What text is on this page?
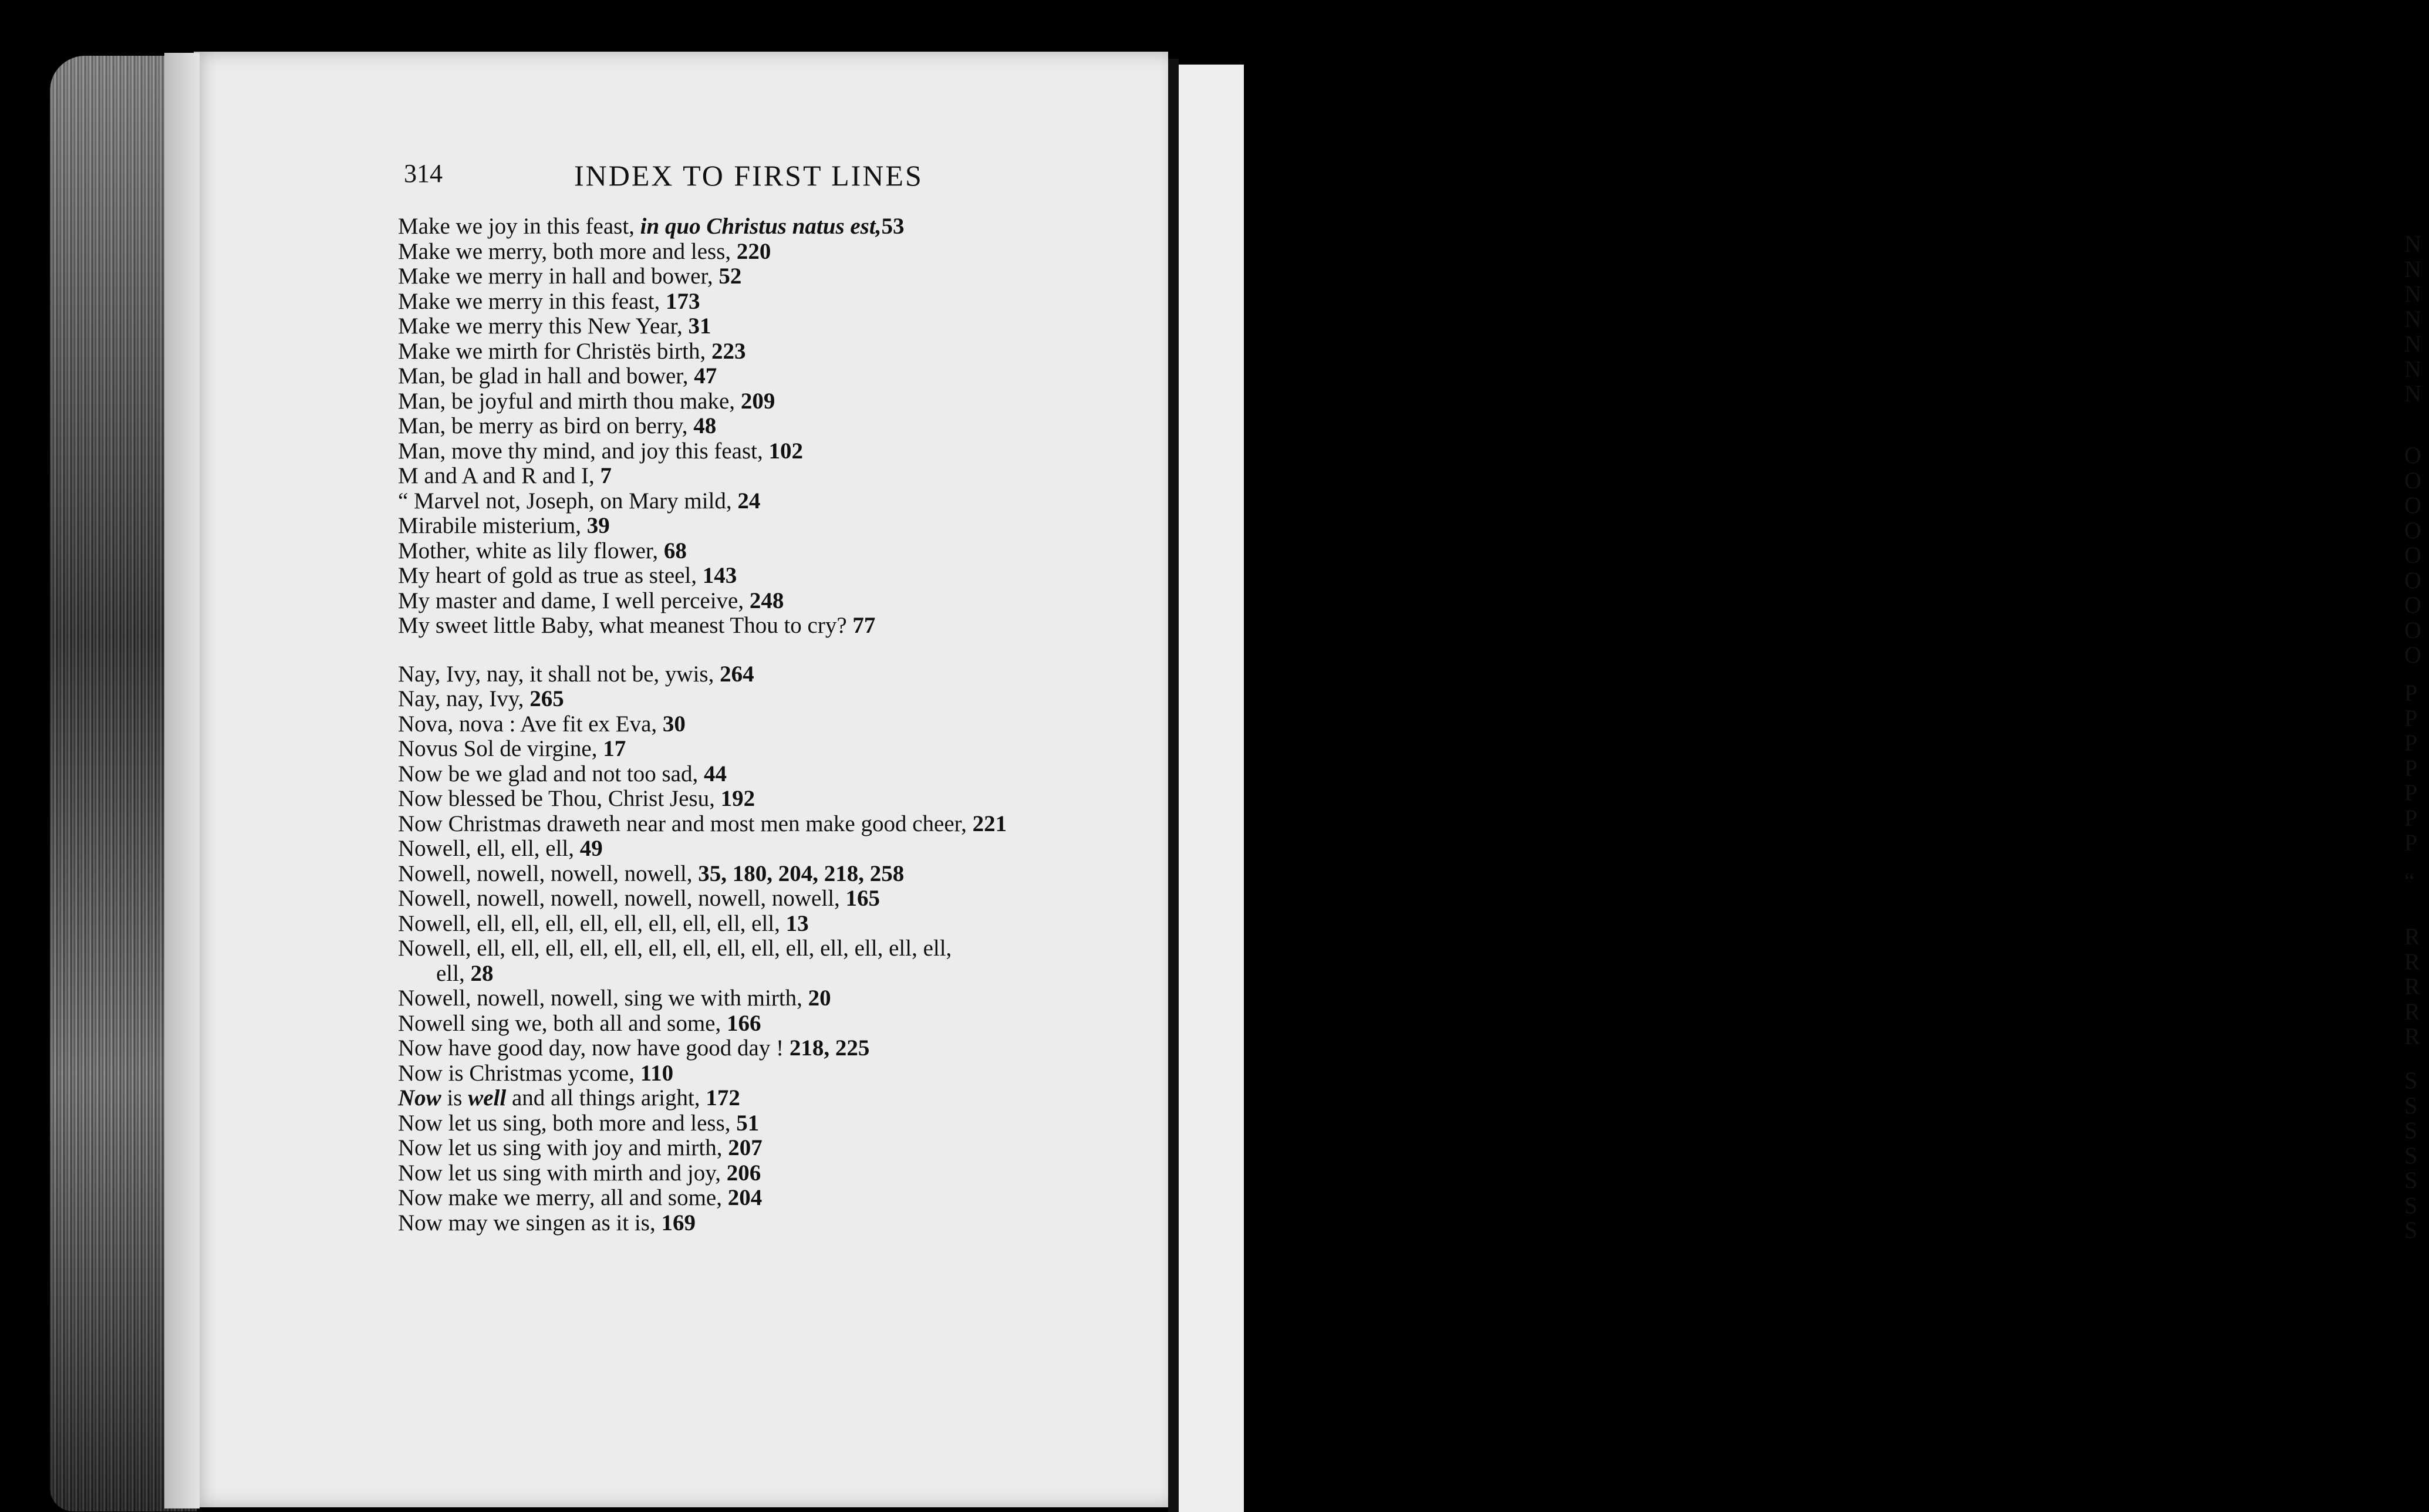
314	INDEX TO FIRST LINES
Make we joy in this feast, in quo Christus natus est,53
Make we merry, both more and less, 220
Make we merry in hall and bower, 52
Make we merry in this feast, 173
Make we merry this New Year, 31
Make we mirth for Christës birth, 223
Man, be glad in hall and bower, 47
Man, be joyful and mirth thou make, 209
Man, be merry as bird on berry, 48
Man, move thy mind, and joy this feast, 102
M and A and R and I, 7
“ Marvel not, Joseph, on Mary mild, 24
Mirabile misterium, 39
Mother, white as lily flower, 68
My heart of gold as true as steel, 143
My master and dame, I well perceive, 248
My sweet little Baby, what meanest Thou to cry? 77
Nay, Ivy, nay, it shall not be, ywis, 264
Nay, nay, Ivy, 265
Nova, nova : Ave fit ex Eva, 30
Novus Sol de virgine, 17
Now be we glad and not too sad, 44
Now blessed be Thou, Christ Jesu, 192
Now Christmas draweth near and most men make good cheer, 221
Nowell, ell, ell, ell, 49
Nowell, nowell, nowell, nowell, 35, 180, 204, 218, 258
Nowell, nowell, nowell, nowell, nowell, nowell, 165
Nowell, ell, ell, ell, ell, ell, ell, ell, ell, ell, 13
Nowell, ell, ell, ell, ell, ell, ell, ell, ell, ell, ell, ell, ell, ell, ell,
ell, 28
Nowell, nowell, nowell, sing we with mirth, 20
Nowell sing we, both all and some, 166
Now have good day, now have good day ! 218, 225
Now is Christmas ycome, 110
Now is well and all things aright, 172
Now let us sing, both more and less, 51
Now let us sing with joy and mirth, 207
Now let us sing with mirth and joy, 206
Now make we merry, all and some, 204
Now may we singen as it is, 169
N
N
N
N
N
N
N
O
O
O
O
O
O
O
O
O
P
P
P
P
P
P
P
“
R
R
R
R
R
S
S
S
S
S
S
S
